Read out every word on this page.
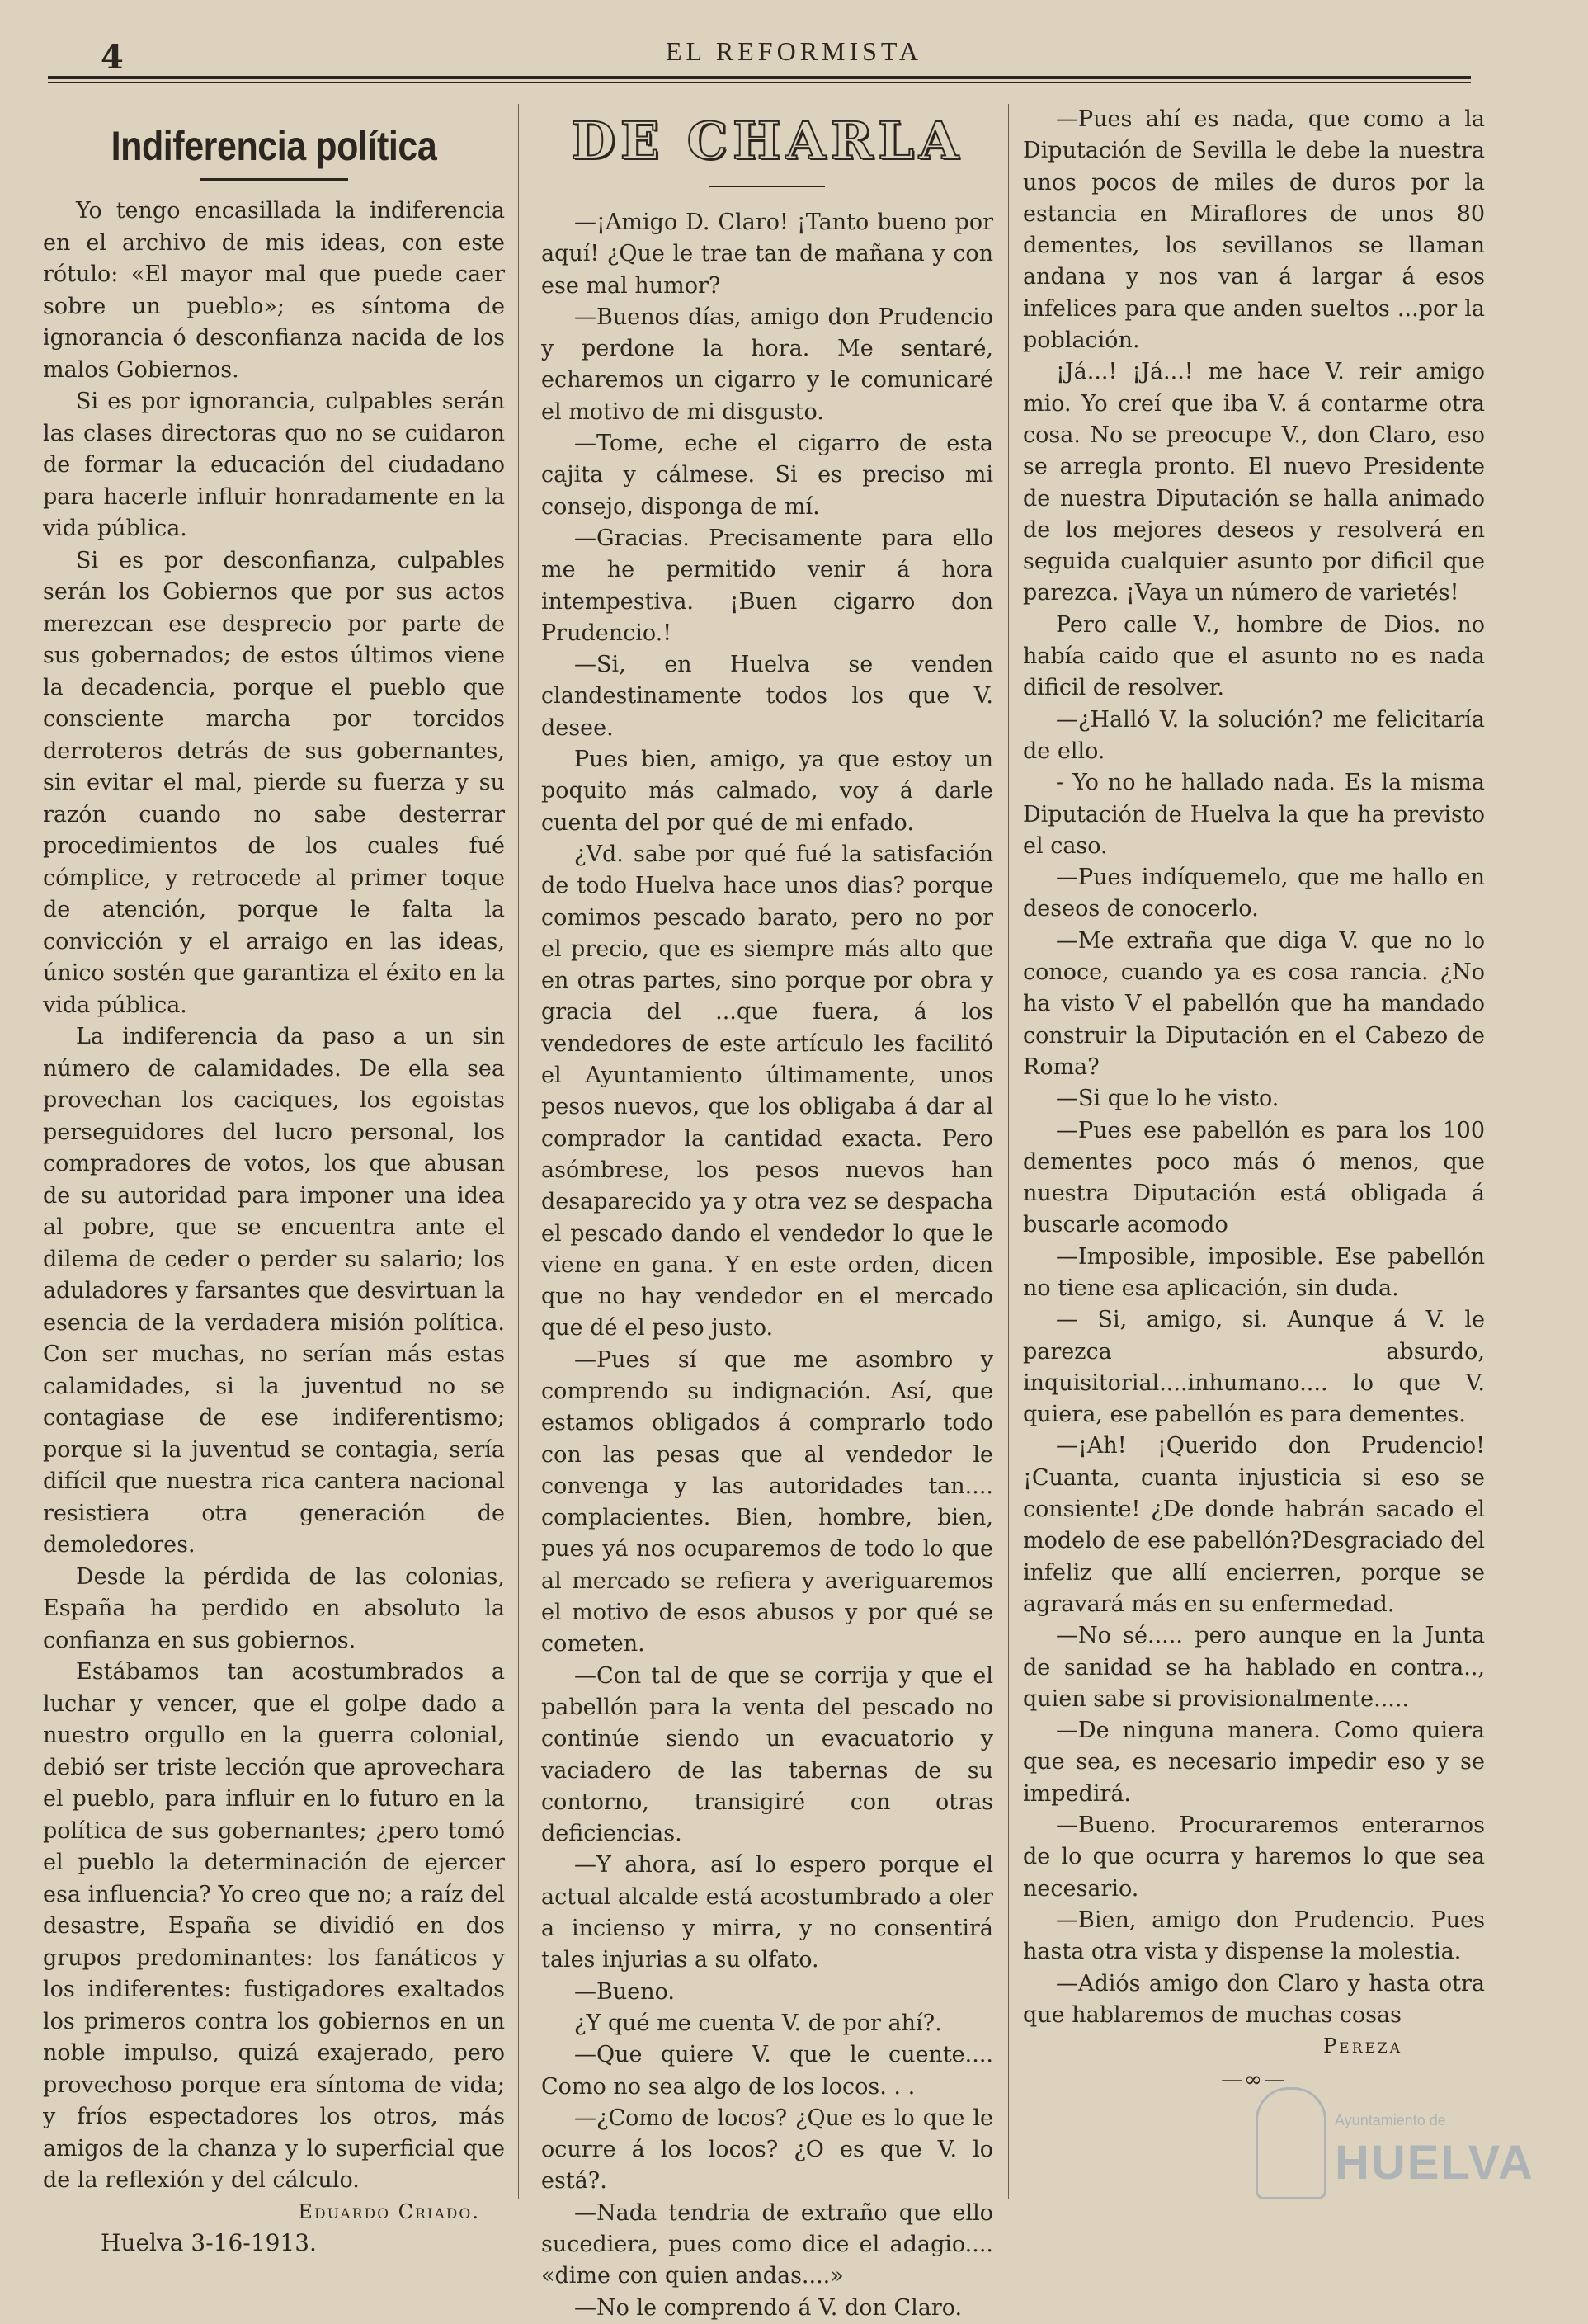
4	EL REFORMISTA
Indiferencia política

Yo tengo encasillada la indiferencia en el archivo de mis ideas, con este rótulo: «El mayor mal que puede caer sobre un pueblo»; es síntoma de ignorancia ó desconfianza nacida de los malos Gobiernos.

Si es por ignorancia, culpables serán las clases directoras quo no se cuidaron de formar la educación del ciudadano para hacerle influir honradamente en la vida pública.

Si es por desconfianza, culpables serán los Gobiernos que por sus actos merezcan ese desprecio por parte de sus gobernados; de estos últimos viene la decadencia, porque el pueblo que consciente marcha por torcidos derroteros detrás de sus gobernantes, sin evitar el mal, pierde su fuerza y su razón cuando no sabe desterrar procedimientos de los cuales fué cómplice, y retrocede al primer toque de atención, porque le falta la convicción y el arraigo en las ideas, único sostén que garantiza el éxito en la vida pública.

La indiferencia da paso a un sin número de calamidades. De ella sea provechan los caciques, los egoistas perseguidores del lucro personal, los compradores de votos, los que abusan de su autoridad para imponer una idea al pobre, que se encuentra ante el dilema de ceder o perder su salario; los aduladores y farsantes que desvirtuan la esencia de la verdadera misión política. Con ser muchas, no serían más estas calamidades, si la juventud no se contagiase de ese indiferentismo; porque si la juventud se contagia, sería difícil que nuestra rica cantera nacional resistiera otra generación de demoledores.

Desde la pérdida de las colonias, España ha perdido en absoluto la confianza en sus gobiernos.

Estábamos tan acostumbrados a luchar y vencer, que el golpe dado a nuestro orgullo en la guerra colonial, debió ser triste lección que aprovechara el pueblo, para influir en lo futuro en la política de sus gobernantes; ¿pero tomó el pueblo la determinación de ejercer esa influencia? Yo creo que no; a raíz del desastre, España se dividió en dos grupos predominantes: los fanáticos y los indiferentes: fustigadores exaltados los primeros contra los gobiernos en un noble impulso, quizá exajerado, pero provechoso porque era síntoma de vida; y fríos espectadores los otros, más amigos de la chanza y lo superficial que de la reflexión y del cálculo.

Eduardo Criado.
Huelva 3-16-1913.
DE CHARLA

—¡Amigo D. Claro! ¡Tanto bueno por aquí! ¿Que le trae tan de mañana y con ese mal humor?

—Buenos días, amigo don Prudencio y perdone la hora. Me sentaré, echaremos un cigarro y le comunicaré el motivo de mi disgusto.

—Tome, eche el cigarro de esta cajita y cálmese. Si es preciso mi consejo, disponga de mí.

—Gracias. Precisamente para ello me he permitido venir á hora intempestiva. ¡Buen cigarro don Prudencio.!

—Si, en Huelva se venden clandestinamente todos los que V. desee.

Pues bien, amigo, ya que estoy un poquito más calmado, voy á darle cuenta del por qué de mi enfado.

¿Vd. sabe por qué fué la satisfación de todo Huelva hace unos dias? porque comimos pescado barato, pero no por el precio, que es siempre más alto que en otras partes, sino porque por obra y gracia del ...que fuera, á los vendedores de este artículo les facilitó el Ayuntamiento últimamente, unos pesos nuevos, que los obligaba á dar al comprador la cantidad exacta. Pero asómbrese, los pesos nuevos han desaparecido ya y otra vez se despacha el pescado dando el vendedor lo que le viene en gana. Y en este orden, dicen que no hay vendedor en el mercado que dé el peso justo.

—Pues sí que me asombro y comprendo su indignación. Así, que estamos obligados á comprarlo todo con las pesas que al vendedor le convenga y las autoridades tan.... complacientes. Bien, hombre, bien, pues yá nos ocuparemos de todo lo que al mercado se refiera y averiguaremos el motivo de esos abusos y por qué se cometen.

—Con tal de que se corrija y que el pabellón para la venta del pescado no continúe siendo un evacuatorio y vaciadero de las tabernas de su contorno, transigiré con otras deficiencias.

—Y ahora, así lo espero porque el actual alcalde está acostumbrado a oler a incienso y mirra, y no consentirá tales injurias a su olfato.

—Bueno.

¿Y qué me cuenta V. de por ahí?.

—Que quiere V. que le cuente.... Como no sea algo de los locos. . .

—¿Como de locos? ¿Que es lo que le ocurre á los locos? ¿O es que V. lo está?.

—Nada tendria de extraño que ello sucediera, pues como dice el adagio.... «dime con quien andas....»

—No le comprendo á V. don Claro.

—Pues ahí es nada, que como a la Diputación de Sevilla le debe la nuestra unos pocos de miles de duros por la estancia en Miraflores de unos 80 dementes, los sevillanos se llaman andana y nos van á largar á esos infelices para que anden sueltos ...por la población.

¡Já...! ¡Já...! me hace V. reir amigo mio. Yo creí que iba V. á contarme otra cosa. No se preocupe V., don Claro, eso se arregla pronto. El nuevo Presidente de nuestra Diputación se halla animado de los mejores deseos y resolverá en seguida cualquier asunto por dificil que parezca. ¡Vaya un número de varietés!

Pero calle V., hombre de Dios. no había caido que el asunto no es nada dificil de resolver.

—¿Halló V. la solución? me felicitaría de ello.

- Yo no he hallado nada. Es la misma Diputación de Huelva la que ha previsto el caso.

—Pues indíquemelo, que me hallo en deseos de conocerlo.

—Me extraña que diga V. que no lo conoce, cuando ya es cosa rancia. ¿No ha visto V el pabellón que ha mandado construir la Diputación en el Cabezo de Roma?

—Si que lo he visto.

—Pues ese pabellón es para los 100 dementes poco más ó menos, que nuestra Diputación está obligada á buscarle acomodo

—Imposible, imposible. Ese pabellón no tiene esa aplicación, sin duda.

— Si, amigo, si. Aunque á V. le parezca absurdo, inquisitorial....inhumano.... lo que V. quiera, ese pabellón es para dementes.

—¡Ah! ¡Querido don Prudencio! ¡Cuanta, cuanta injusticia si eso se consiente! ¿De donde habrán sacado el modelo de ese pabellón?Desgraciado del infeliz que allí encierren, porque se agravará más en su enfermedad.

—No sé..... pero aunque en la Junta de sanidad se ha hablado en contra.., quien sabe si provisionalmente.....

—De ninguna manera. Como quiera que sea, es necesario impedir eso y se impedirá.

—Bueno. Procuraremos enterarnos de lo que ocurra y haremos lo que sea necesario.

—Bien, amigo don Prudencio. Pues hasta otra vista y dispense la molestia.

—Adiós amigo don Claro y hasta otra que hablaremos de muchas cosas

Pereza
—∞—
Ayuntamiento de
HUELVA
